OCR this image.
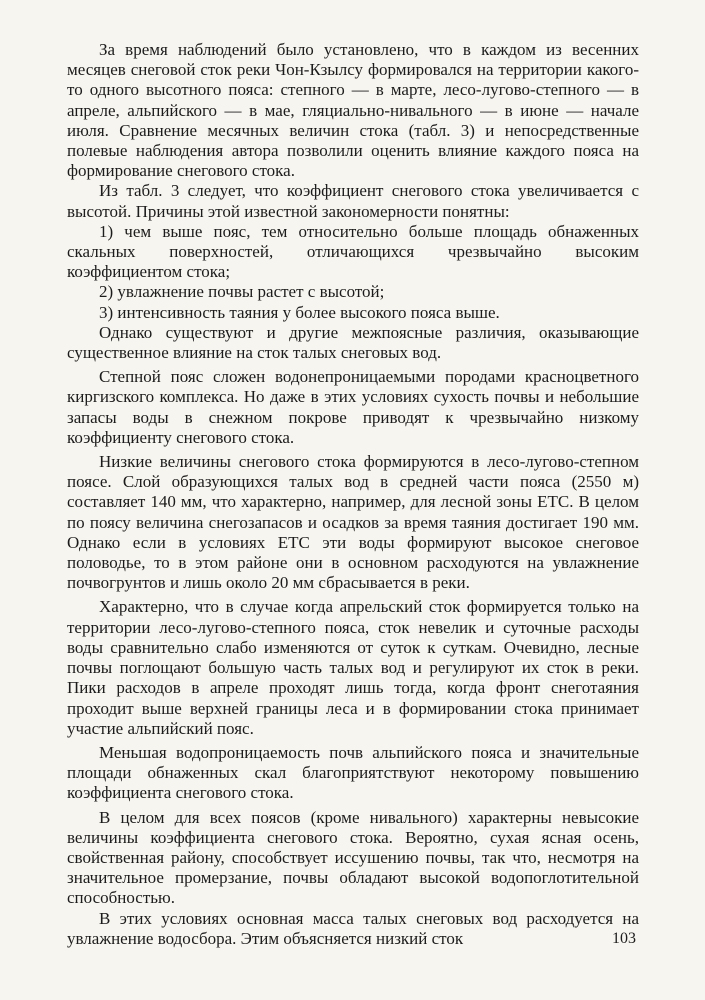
За время наблюдений было установлено, что в каждом из весенних месяцев снеговой сток реки Чон-Кзылсу формировался на территории какого-то одного высотного пояса: степного — в марте, лесо-лугово-степного — в апреле, альпийского — в мае, гляциально-нивального — в июне — начале июля. Сравнение месячных величин стока (табл. 3) и непосредственные полевые наблюдения автора позволили оценить влияние каждого пояса на формирование снегового стока.

Из табл. 3 следует, что коэффициент снегового стока увеличивается с высотой. Причины этой известной закономерности понятны:

1) чем выше пояс, тем относительно больше площадь обнаженных скальных поверхностей, отличающихся чрезвычайно высоким коэффициентом стока;

2) увлажнение почвы растет с высотой;

3) интенсивность таяния у более высокого пояса выше.

Однако существуют и другие межпоясные различия, оказывающие существенное влияние на сток талых снеговых вод.

Степной пояс сложен водонепроницаемыми породами красноцветного киргизского комплекса. Но даже в этих условиях сухость почвы и небольшие запасы воды в снежном покрове приводят к чрезвычайно низкому коэффициенту снегового стока.

Низкие величины снегового стока формируются в лесо-лугово-степном поясе. Слой образующихся талых вод в средней части пояса (2550 м) составляет 140 мм, что характерно, например, для лесной зоны ЕТС. В целом по поясу величина снегозапасов и осадков за время таяния достигает 190 мм. Однако если в условиях ЕТС эти воды формируют высокое снеговое половодье, то в этом районе они в основном расходуются на увлажнение почвогрунтов и лишь около 20 мм сбрасывается в реки.

Характерно, что в случае когда апрельский сток формируется только на территории лесо-лугово-степного пояса, сток невелик и суточные расходы воды сравнительно слабо изменяются от суток к суткам. Очевидно, лесные почвы поглощают большую часть талых вод и регулируют их сток в реки. Пики расходов в апреле проходят лишь тогда, когда фронт снеготаяния проходит выше верхней границы леса и в формировании стока принимает участие альпийский пояс.

Меньшая водопроницаемость почв альпийского пояса и значительные площади обнаженных скал благоприятствуют некоторому повышению коэффициента снегового стока.

В целом для всех поясов (кроме нивального) характерны невысокие величины коэффициента снегового стока. Вероятно, сухая ясная осень, свойственная району, способствует иссушению почвы, так что, несмотря на значительное промерзание, почвы обладают высокой водопоглотительной способностью.

В этих условиях основная масса талых снеговых вод расходуется на увлажнение водосбора. Этим объясняется низкий сток	103
